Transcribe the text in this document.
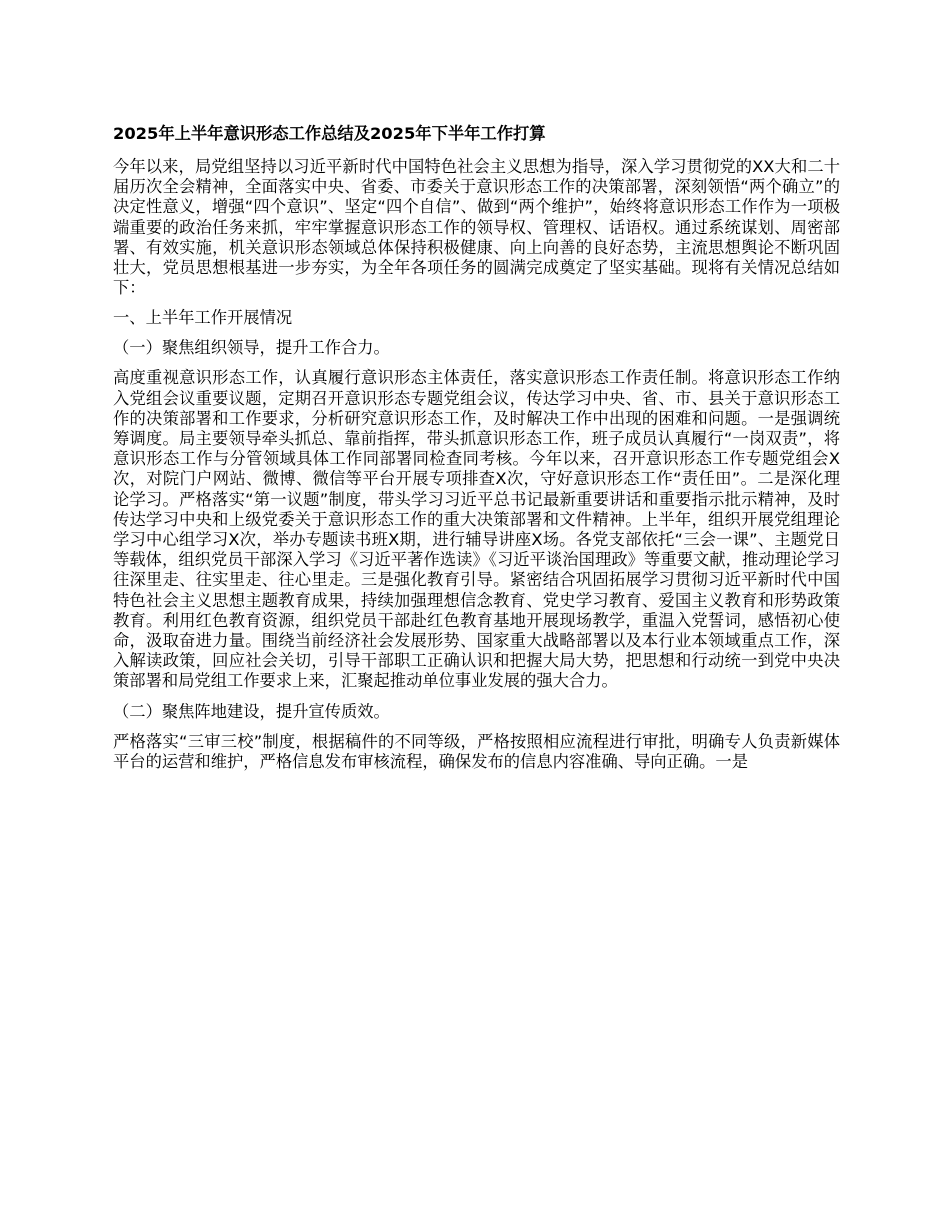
2025年上半年意识形态工作总结及2025年下半年工作打算

今年以来，局党组坚持以习近平新时代中国特色社会主义思想为指导，深入学习贯彻党的XX大和二十届历次全会精神，全面落实中央、省委、市委关于意识形态工作的决策部署，深刻领悟“两个确立”的决定性意义，增强“四个意识”、坚定“四个自信”、做到“两个维护”，始终将意识形态工作作为一项极端重要的政治任务来抓，牢牢掌握意识形态工作的领导权、管理权、话语权。通过系统谋划、周密部署、有效实施，机关意识形态领域总体保持积极健康、向上向善的良好态势，主流思想舆论不断巩固壮大，党员思想根基进一步夯实，为全年各项任务的圆满完成奠定了坚实基础。现将有关情况总结如下：

一、上半年工作开展情况
（一）聚焦组织领导，提升工作合力。

高度重视意识形态工作，认真履行意识形态主体责任，落实意识形态工作责任制。将意识形态工作纳入党组会议重要议题，定期召开意识形态专题党组会议，传达学习中央、省、市、县关于意识形态工作的决策部署和工作要求，分析研究意识形态工作，及时解决工作中出现的困难和问题。一是强调统筹调度。局主要领导牵头抓总、靠前指挥，带头抓意识形态工作，班子成员认真履行“一岗双责”，将意识形态工作与分管领域具体工作同部署同检查同考核。今年以来，召开意识形态工作专题党组会X次，对院门户网站、微博、微信等平台开展专项排查X次，守好意识形态工作“责任田”。二是深化理论学习。严格落实“第一议题”制度，带头学习习近平总书记最新重要讲话和重要指示批示精神，及时传达学习中央和上级党委关于意识形态工作的重大决策部署和文件精神。上半年，组织开展党组理论学习中心组学习X次，举办专题读书班X期，进行辅导讲座X场。各党支部依托“三会一课”、主题党日等载体，组织党员干部深入学习《习近平著作选读》《习近平谈治国理政》等重要文献，推动理论学习往深里走、往实里走、往心里走。三是强化教育引导。紧密结合巩固拓展学习贯彻习近平新时代中国特色社会主义思想主题教育成果，持续加强理想信念教育、党史学习教育、爱国主义教育和形势政策教育。利用红色教育资源，组织党员干部赴红色教育基地开展现场教学，重温入党誓词，感悟初心使命，汲取奋进力量。围绕当前经济社会发展形势、国家重大战略部署以及本行业本领域重点工作，深入解读政策，回应社会关切，引导干部职工正确认识和把握大局大势，把思想和行动统一到党中央决策部署和局党组工作要求上来，汇聚起推动单位事业发展的强大合力。

（二）聚焦阵地建设，提升宣传质效。

严格落实“三审三校”制度，根据稿件的不同等级，严格按照相应流程进行审批，明确专人负责新媒体平台的运营和维护，严格信息发布审核流程，确保发布的信息内容准确、导向正确。一是
